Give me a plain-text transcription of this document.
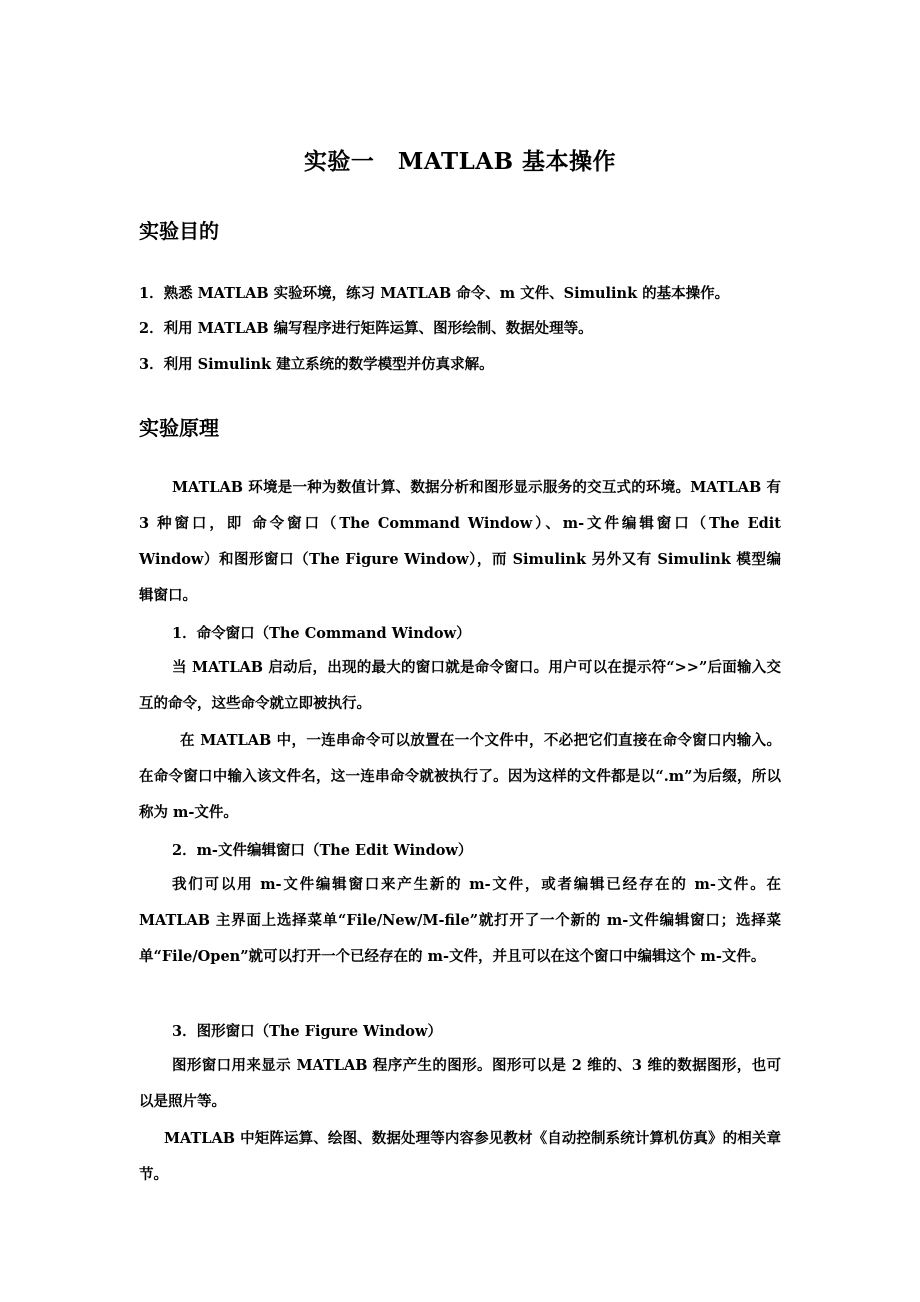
实验一　MATLAB 基本操作
实验目的
1．熟悉 MATLAB 实验环境，练习 MATLAB 命令、m 文件、Simulink 的基本操作。
2．利用 MATLAB 编写程序进行矩阵运算、图形绘制、数据处理等。
3．利用 Simulink 建立系统的数学模型并仿真求解。
实验原理
MATLAB 环境是一种为数值计算、数据分析和图形显示服务的交互式的环境。MATLAB 有 3 种窗口，即 命令窗口（The Command Window）、m-文件编辑窗口（The Edit Window）和图形窗口（The Figure Window），而 Simulink 另外又有 Simulink 模型编辑窗口。
1．命令窗口（The Command Window）
当 MATLAB 启动后，出现的最大的窗口就是命令窗口。用户可以在提示符“>>”后面输入交互的命令，这些命令就立即被执行。
在 MATLAB 中，一连串命令可以放置在一个文件中，不必把它们直接在命令窗口内输入。在命令窗口中输入该文件名，这一连串命令就被执行了。因为这样的文件都是以“.m”为后缀，所以称为 m-文件。
2．m-文件编辑窗口（The Edit Window）
我们可以用 m-文件编辑窗口来产生新的 m-文件，或者编辑已经存在的 m-文件。在 MATLAB 主界面上选择菜单“File/New/M-file”就打开了一个新的 m-文件编辑窗口；选择菜单“File/Open”就可以打开一个已经存在的 m-文件，并且可以在这个窗口中编辑这个 m-文件。
3．图形窗口（The Figure Window）
图形窗口用来显示 MATLAB 程序产生的图形。图形可以是 2 维的、3 维的数据图形，也可以是照片等。
MATLAB 中矩阵运算、绘图、数据处理等内容参见教材《自动控制系统计算机仿真》的相关章节。
